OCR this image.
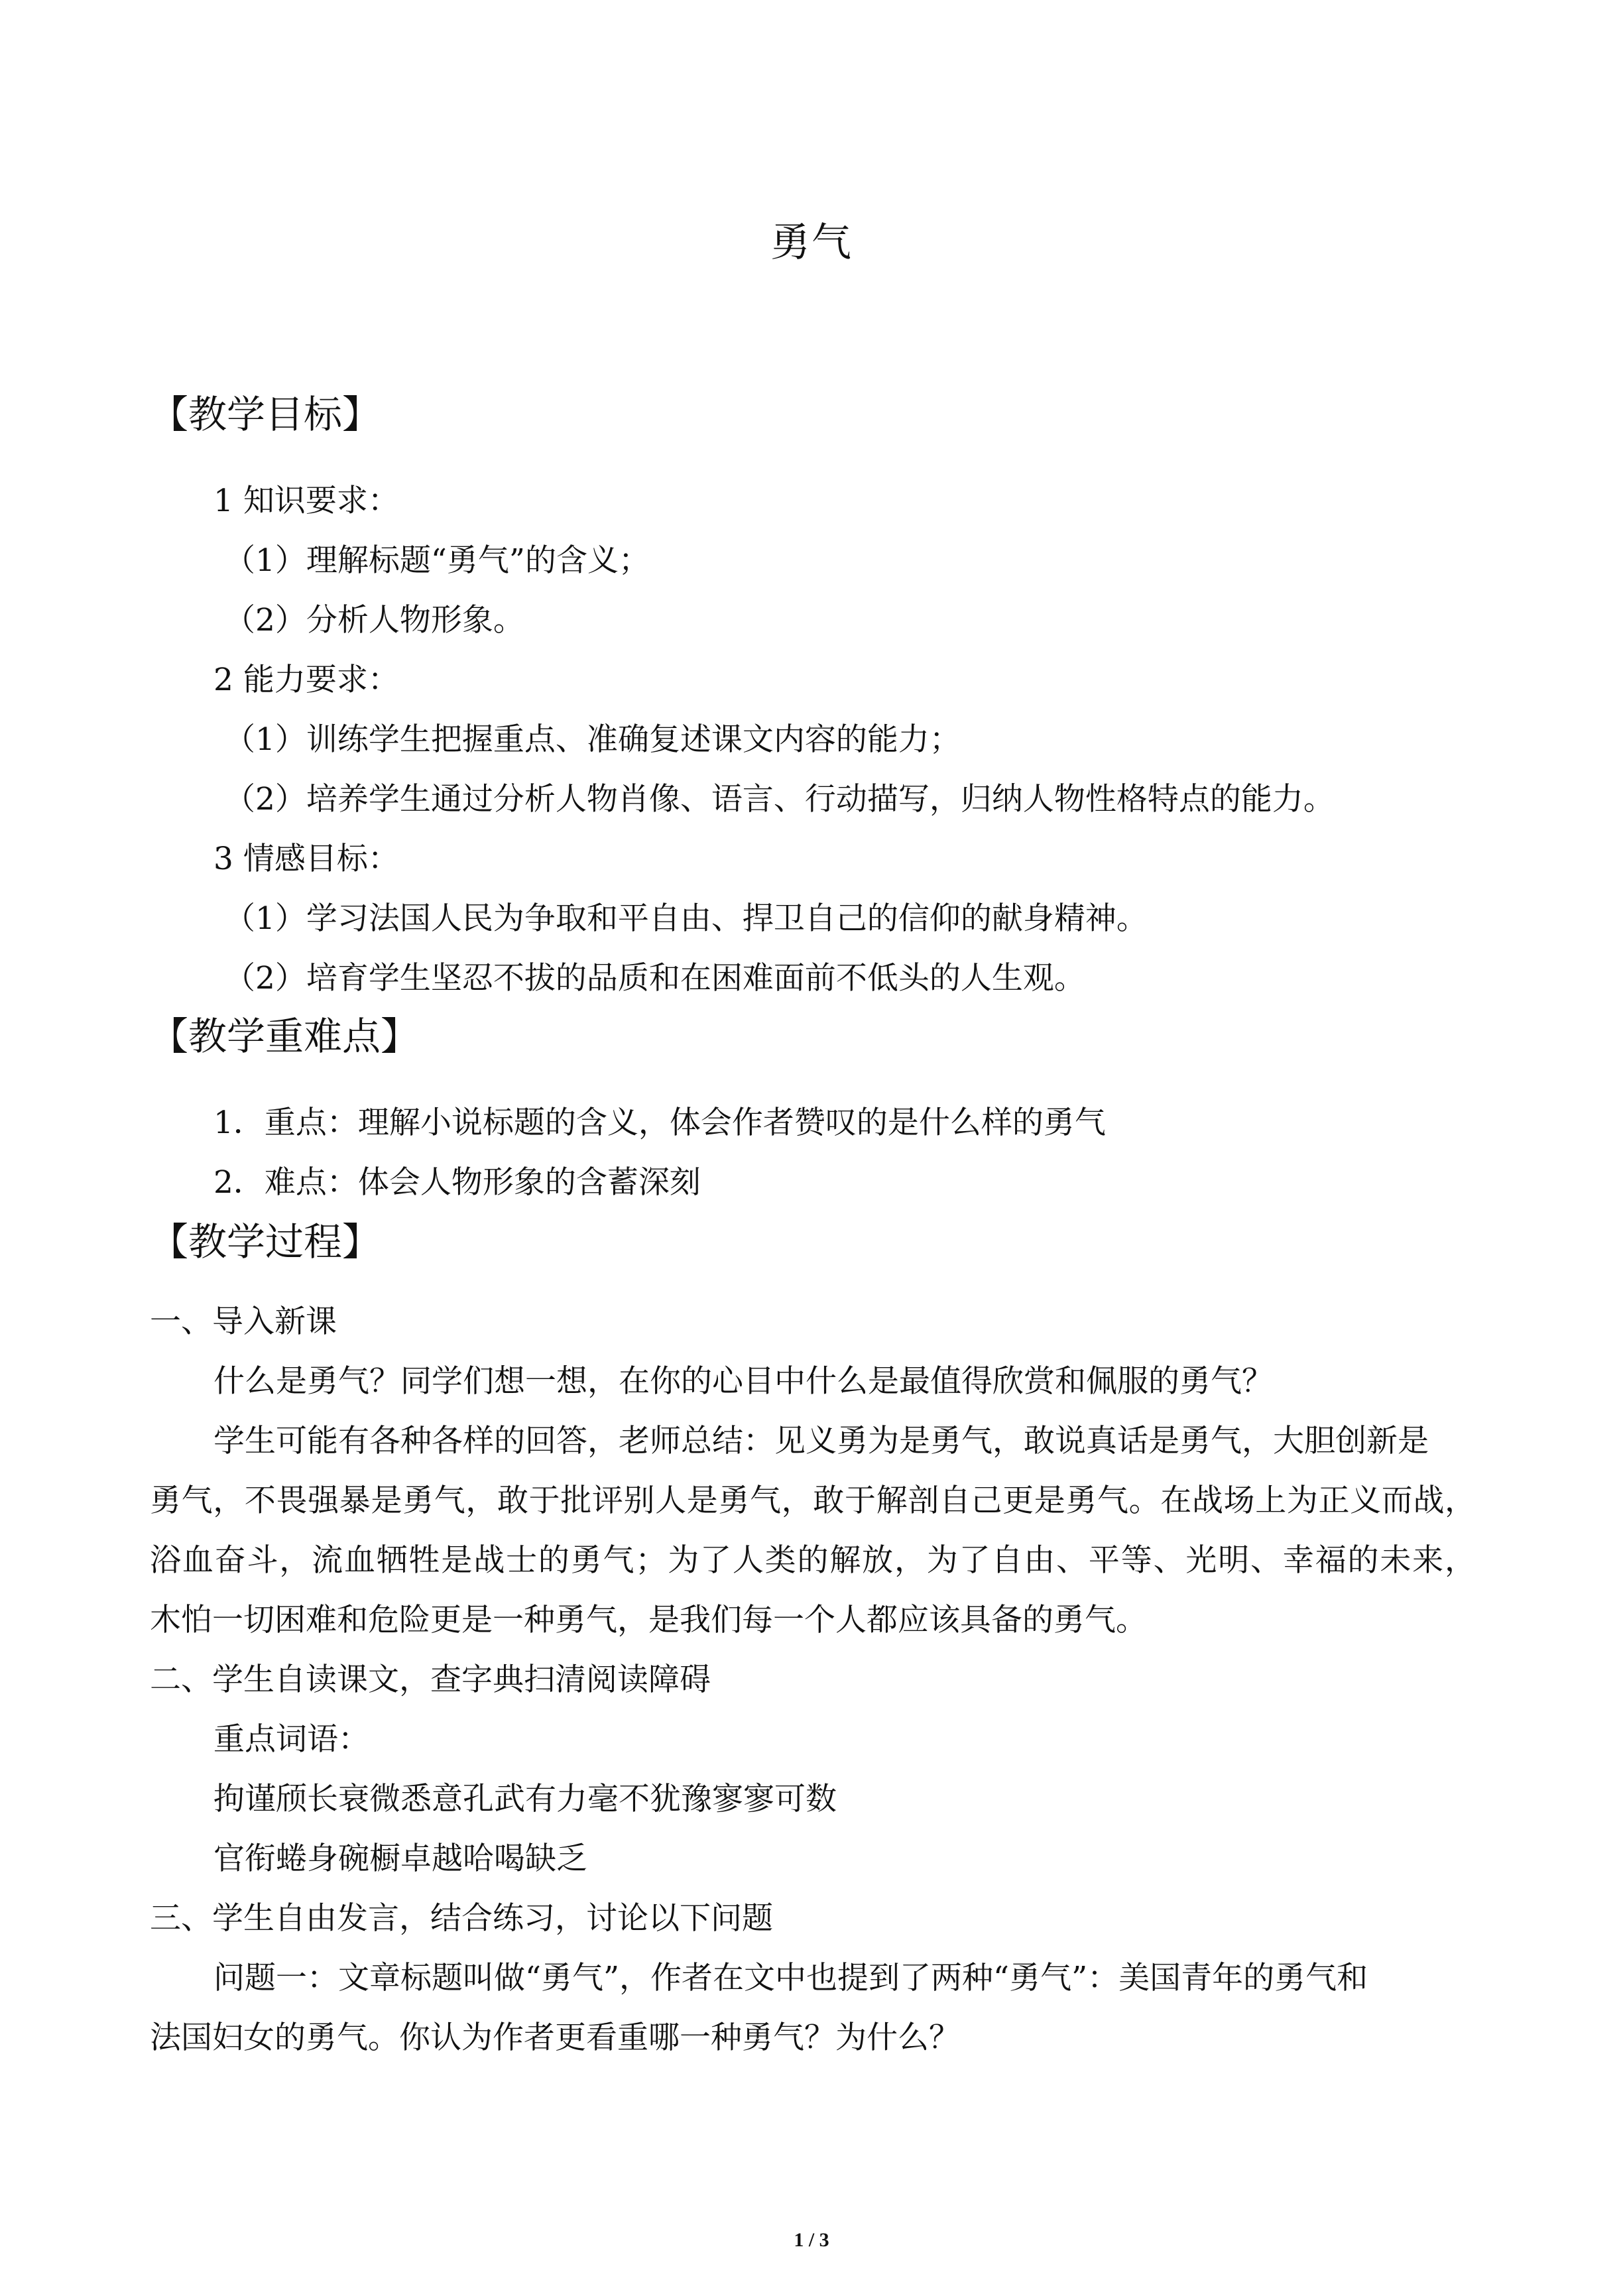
勇气
【教学目标】
1 知识要求：
（1）理解标题“勇气”的含义；
（2）分析人物形象。
2 能力要求：
（1）训练学生把握重点、准确复述课文内容的能力；
（2）培养学生通过分析人物肖像、语言、行动描写，归纳人物性格特点的能力。
3 情感目标：
（1）学习法国人民为争取和平自由、捍卫自己的信仰的献身精神。
（2）培育学生坚忍不拔的品质和在困难面前不低头的人生观。
【教学重难点】
1．重点：理解小说标题的含义，体会作者赞叹的是什么样的勇气
2．难点：体会人物形象的含蓄深刻
【教学过程】
一、导入新课
什么是勇气？同学们想一想，在你的心目中什么是最值得欣赏和佩服的勇气？
学生可能有各种各样的回答，老师总结：见义勇为是勇气，敢说真话是勇气，大胆创新是
勇气，不畏强暴是勇气，敢于批评别人是勇气，敢于解剖自己更是勇气。在战场上为正义而战，
浴血奋斗，流血牺牲是战士的勇气；为了人类的解放，为了自由、平等、光明、幸福的未来，
木怕一切困难和危险更是一种勇气，是我们每一个人都应该具备的勇气。
二、学生自读课文，查字典扫清阅读障碍
重点词语：
拘谨颀长衰微悉意孔武有力毫不犹豫寥寥可数
官衔蜷身碗橱卓越哈喝缺乏
三、学生自由发言，结合练习，讨论以下问题
问题一：文章标题叫做“勇气”，作者在文中也提到了两种“勇气”：美国青年的勇气和
法国妇女的勇气。你认为作者更看重哪一种勇气？为什么？
1 / 3
